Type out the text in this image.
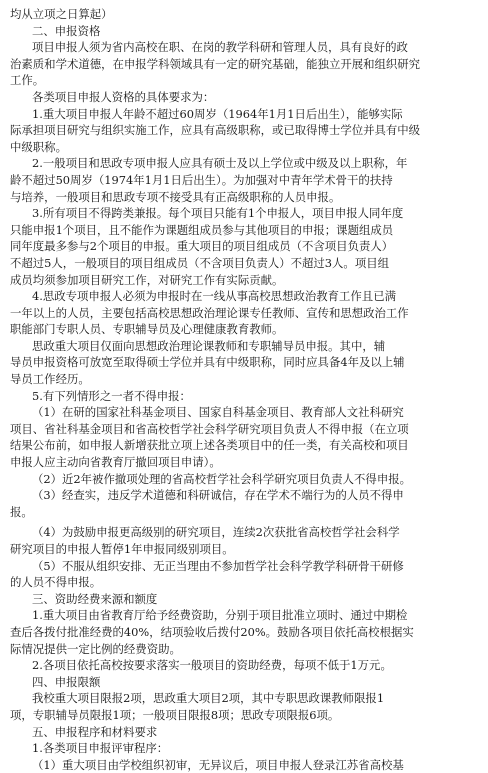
均从立项之日算起）

二、申报资格

项目申报人须为省内高校在职、在岗的教学科研和管理人员，具有良好的政

治素质和学术道德，在申报学科领域具有一定的研究基础，能独立开展和组织研究

工作。

各类项目申报人资格的具体要求为：

1.重大项目申报人年龄不超过60周岁（1964年1月1日后出生），能够实际

际承担项目研究与组织实施工作，应具有高级职称，或已取得博士学位并具有中级

中级职称。

2.一般项目和思政专项申报人应具有硕士及以上学位或中级及以上职称，年

龄不超过50周岁（1974年1月1日后出生）。为加强对中青年学术骨干的扶持

与培养，一般项目和思政专项不接受具有正高级职称的人员申报。

3.所有项目不得跨类兼报。每个项目只能有1个申报人，项目申报人同年度

只能申报1个项目，且不能作为课题组成员参与其他项目的申报；课题组成员

同年度最多参与2个项目的申报。重大项目的项目组成员（不含项目负责人）

不超过5人，一般项目的项目组成员（不含项目负责人）不超过3人。项目组

成员均须参加项目研究工作，对研究工作有实际贡献。

4.思政专项申报人必须为申报时在一线从事高校思想政治教育工作且已满

一年以上的人员，主要包括高校思想政治理论课专任教师、宣传和思想政治工作

职能部门专职人员、专职辅导员及心理健康教育教师。

思政重大项目仅面向思想政治理论课教师和专职辅导员申报。其中，辅

导员申报资格可放宽至取得硕士学位并具有中级职称，同时应具备4年及以上辅

导员工作经历。

5.有下列情形之一者不得申报：

（1）在研的国家社科基金项目、国家自科基金项目、教育部人文社科研究

项目、省社科基金项目和省高校哲学社会科学研究项目负责人不得申报（在立项

结果公布前，如申报人新增获批立项上述各类项目中的任一类，有关高校和项目

申报人应主动向省教育厅撤回项目申请）。

（2）近2年被作撤项处理的省高校哲学社会科学研究项目负责人不得申报。

（3）经查实，违反学术道德和科研诚信，存在学术不端行为的人员不得申

报。

（4）为鼓励申报更高级别的研究项目，连续2次获批省高校哲学社会科学

研究项目的申报人暂停1年申报同级别项目。

（5）不服从组织安排、无正当理由不参加哲学社会科学教学科研骨干研修

的人员不得申报。

三、资助经费来源和额度

1.重大项目由省教育厅给予经费资助，分别于项目批准立项时、通过中期检

查后各拨付批准经费的40%，结项验收后拨付20%。鼓励各项目依托高校根据实

际情况提供一定比例的经费资助。

2.各项目依托高校按要求落实一般项目的资助经费，每项不低于1万元。

四、申报限额

我校重大项目限报2项，思政重大项目2项，其中专职思政课教师限报1

项，专职辅导员限报1项；一般项目限报8项；思政专项限报6项。

五、申报程序和材料要求

1.各类项目申报评审程序：

（1）重大项目由学校组织初审，无异议后，项目申报人登录江苏省高校基
